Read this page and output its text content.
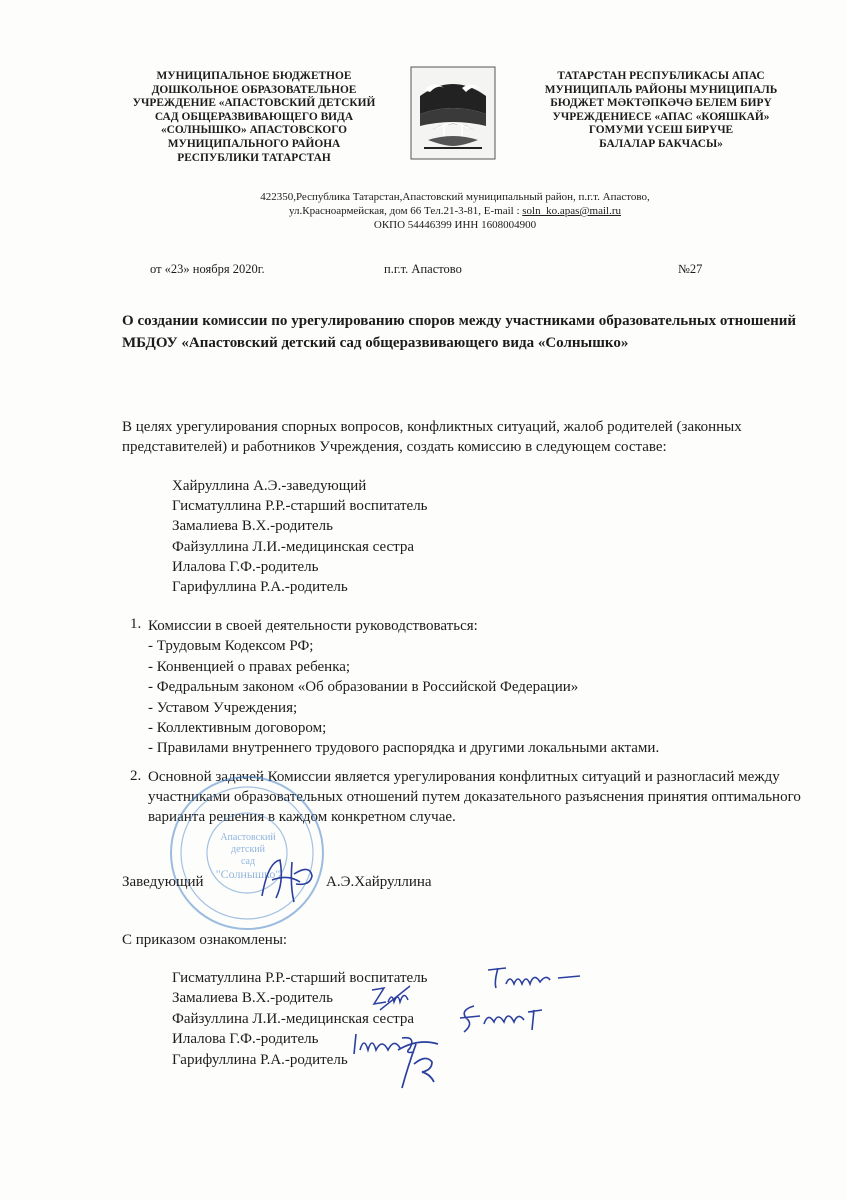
МУНИЦИПАЛЬНОЕ БЮДЖЕТНОЕ
ДОШКОЛЬНОЕ ОБРАЗОВАТЕЛЬНОЕ
УЧРЕЖДЕНИЕ «АПАСТОВСКИЙ ДЕТСКИЙ
САД ОБЩЕРАЗВИВАЮЩЕГО ВИДА
«СОЛНЫШКО» АПАСТОВСКОГО
МУНИЦИПАЛЬНОГО РАЙОНА
РЕСПУБЛИКИ ТАТАРСТАН
ТАТАРСТАН РЕСПУБЛИКАСЫ АПАС
МУНИЦИПАЛЬ РАЙОНЫ МУНИЦИПАЛЬ
БЮДЖЕТ МӘКТӘПКӘЧӘ БЕЛЕМ БИРҮ
УЧРЕЖДЕНИЕСЕ «АПАС «КОЯШКАЙ»
ГОМУМИ ҮСЕШ БИРҮЧЕ
БАЛАЛАР БАКЧАСЫ»
422350,Республика Татарстан,Апастовский муниципальный район, п.г.т. Апастово,
ул.Красноармейская, дом 66 Тел.21-3-81, E-mail : soln_ko.apas@mail.ru
ОКПО 54446399 ИНН 1608004900
от «23» ноября 2020г.	п.г.т. Апастово	№27
О создании комиссии по урегулированию споров между участниками образовательных отношений МБДОУ «Апастовский детский сад общеразвивающего вида «Солнышко»
В целях урегулирования спорных вопросов, конфликтных ситуаций, жалоб родителей (законных представителей) и работников Учреждения, создать комиссию в следующем составе:
Хайруллина А.Э.-заведующий
Гисматуллина Р.Р.-старший воспитатель
Замалиева В.Х.-родитель
Файзуллина Л.И.-медицинская сестра
Илалова Г.Ф.-родитель
Гарифуллина Р.А.-родитель
1. Комиссии в своей деятельности руководствоваться:
- Трудовым Кодексом РФ;
- Конвенцией о правах ребенка;
- Федральным законом «Об образовании в Российской Федерации»
- Уставом Учреждения;
- Коллективным договором;
- Правилами внутреннего трудового распорядка и другими локальными актами.
2. Основной задачей Комиссии является урегулирования конфлитных ситуаций и разногласий между участниками образовательных отношений путем доказательного разъяснения принятия оптимального варианта решения в каждом конкретном случае.
Апастовский
детский
сад
"Солнышко"
Заведующий	А.Э.Хайруллина
С приказом ознакомлены:
Гисматуллина Р.Р.-старший воспитатель
Замалиева В.Х.-родитель
Файзуллина Л.И.-медицинская сестра
Илалова Г.Ф.-родитель
Гарифуллина Р.А.-родитель
